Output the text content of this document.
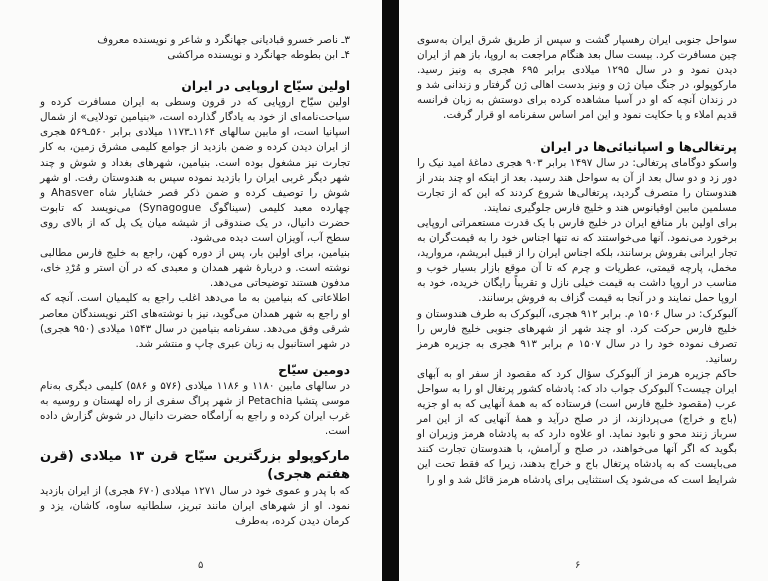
۳ـ ناصر خسرو قبادیانی جهانگرد و شاعر و نویسنده معروف

۴ـ ابن بطوطه جهانگرد و نویسنده مراکشی

اولین سیّاح اروپایی در ایران

اولین سیّاح اروپایی که در قرون وسطی به ایران مسافرت کرده و سیاحت‌نامه‌ای از خود به یادگار گذارده است، «بنیامین تودلایی» از شمال اسپانیا است، او مابین سالهای ۱۱۶۴ـ۱۱۷۳ میلادی برابر ۵۶۰ـ۵۶۹ هجری از ایران دیدن کرده و ضمن بازدید از جوامع کلیمی مشرق زمین، به کار تجارت نیز مشغول بوده است. بنیامین، شهرهای بغداد و شوش و چند شهر دیگر غربی ایران را بازدید نموده سپس به هندوستان رفت. او شهر شوش را توصیف کرده و ضمن ذکر قصر خشایار شاه Ahasver و چهارده معبد کلیمی (سیناگوگ Synagogue) می‌نویسد که تابوت حضرت دانیال، در یک صندوقی از شیشه میان یک پل که از بالای روی سطح آب، آویزان است دیده می‌شود.

بنیامین، برای اولین بار، پس از دوره کهن، راجع به خلیج فارس مطالبی نوشته است. و دربارهٔ شهر همدان و معبدی که در آن استر و مُرْدِ خای، مدفون هستند توضیحاتی می‌دهد.

اطلاعاتی که بنیامین به ما می‌دهد اغلب راجع به کلیمیان است. آنچه که او راجع به شهر همدان می‌گوید، نیز با نوشته‌های اکثر نویسندگان معاصر شرقی وفق می‌دهد. سفرنامه بنیامین در سال ۱۵۴۳ میلادی (۹۵۰ هجری) در شهر استانبول به زبان عبری چاپ و منتشر شد.

دومین سیّاح

در سالهای مابین ۱۱۸۰ و ۱۱۸۶ میلادی (۵۷۶ و ۵۸۶) کلیمی دیگری به‌نام موسی پتشیا Petachia از شهر پراگ سفری از راه لهستان و روسیه به غرب ایران کرده و راجع به آرامگاه حضرت دانیال در شوش گزارش داده است.

مارکوپولو بزرگترین سیّاح قرن ۱۳ میلادی (قرن هفتم هجری)

که با پدر و عموی خود در سال ۱۲۷۱ میلادی (۶۷۰ هجری) از ایران بازدید نمود. او از شهرهای ایران مانند تبریز، سلطانیه ساوه، کاشان، یزد و کرمان دیدن کرده، به‌طرف

۵

سواحل جنوبی ایران رهسپار گشت و سپس از طریق شرق ایران به‌سوی چین مسافرت کرد. بیست سال بعد هنگام مراجعت به اروپا، باز هم از ایران دیدن نمود و در سال ۱۲۹۵ میلادی برابر ۶۹۵ هجری به ونیز رسید. مارکوپولو، در جنگ میان ژن و ونیز بدست اهالی ژن گرفتار و زندانی شد و در زندان آنچه که او در آسیا مشاهده کرده برای دوستش به زبان فرانسه قدیم املاء و یا حکایت نمود و این امر اساس سفرنامه او قرار گرفت.

پرتغالی‌ها و اسپانیائی‌ها در ایران

واسکو دوگامای پرتغالی: در سال ۱۴۹۷ برابر ۹۰۳ هجری دماغهٔ امید نیک را دور زد و دو سال بعد از آن به سواحل هند رسید. بعد از اینکه او چند بندر از هندوستان را متصرف گردید، پرتغالی‌ها شروع کردند که این که از تجارت مسلمین مابین اوقیانوس هند و خلیج فارس جلوگیری نمایند.

برای اولین بار منافع ایران در خلیج فارس با یک قدرت مستعمراتی اروپایی برخورد می‌نمود. آنها می‌خواستند که نه تنها اجناس خود را به قیمت‌گران به تجار ایرانی بفروش برسانند، بلکه اجناس ایران را از قبیل ابریشم، مروارید، مخمل، پارچه قیمتی، عطریات و چرم که تا آن موقع بازار بسیار خوب و مناسب در اروپا داشت به قیمت خیلی نازل و تقریباً رایگان خریده، خود به اروپا حمل نمایند و در آنجا به قیمت گزاف به فروش برسانند.

آلبوکرک: در سال ۱۵۰۶ م. برابر ۹۱۲ هجری، آلبوکرک به طرف هندوستان و خلیج فارس حرکت کرد. او چند شهر از شهرهای جنوبی خلیج فارس را تصرف نموده خود را در سال ۱۵۰۷ م برابر ۹۱۳ هجری به جزیره هرمز رسانید.

حاکم جزیره هرمز از آلبوکرک سؤال کرد که مقصود از سفر او به آبهای ایران چیست؟ آلبوکرک جواب داد که: پادشاه کشور پرتغال او را به سواحل عرب (مقصود خلیج فارس است) فرستاده که به همهٔ آنهایی که به او جزیه (باج و خراج) می‌پردازند، از در صلح درآید و همهٔ آنهایی که از این امر سرباز زنند محو و نابود نماید. او علاوه دارد که به پادشاه هرمز وزیران او بگوید که اگر آنها می‌خواهند، در صلح و آرامش، با هندوستان تجارت کنند می‌بایست که به پادشاه پرتغال باج و خراج بدهند، زیرا که فقط تحت این شرایط است که می‌شود یک استثنایی برای پادشاه هرمز قائل شد و او را

۶
